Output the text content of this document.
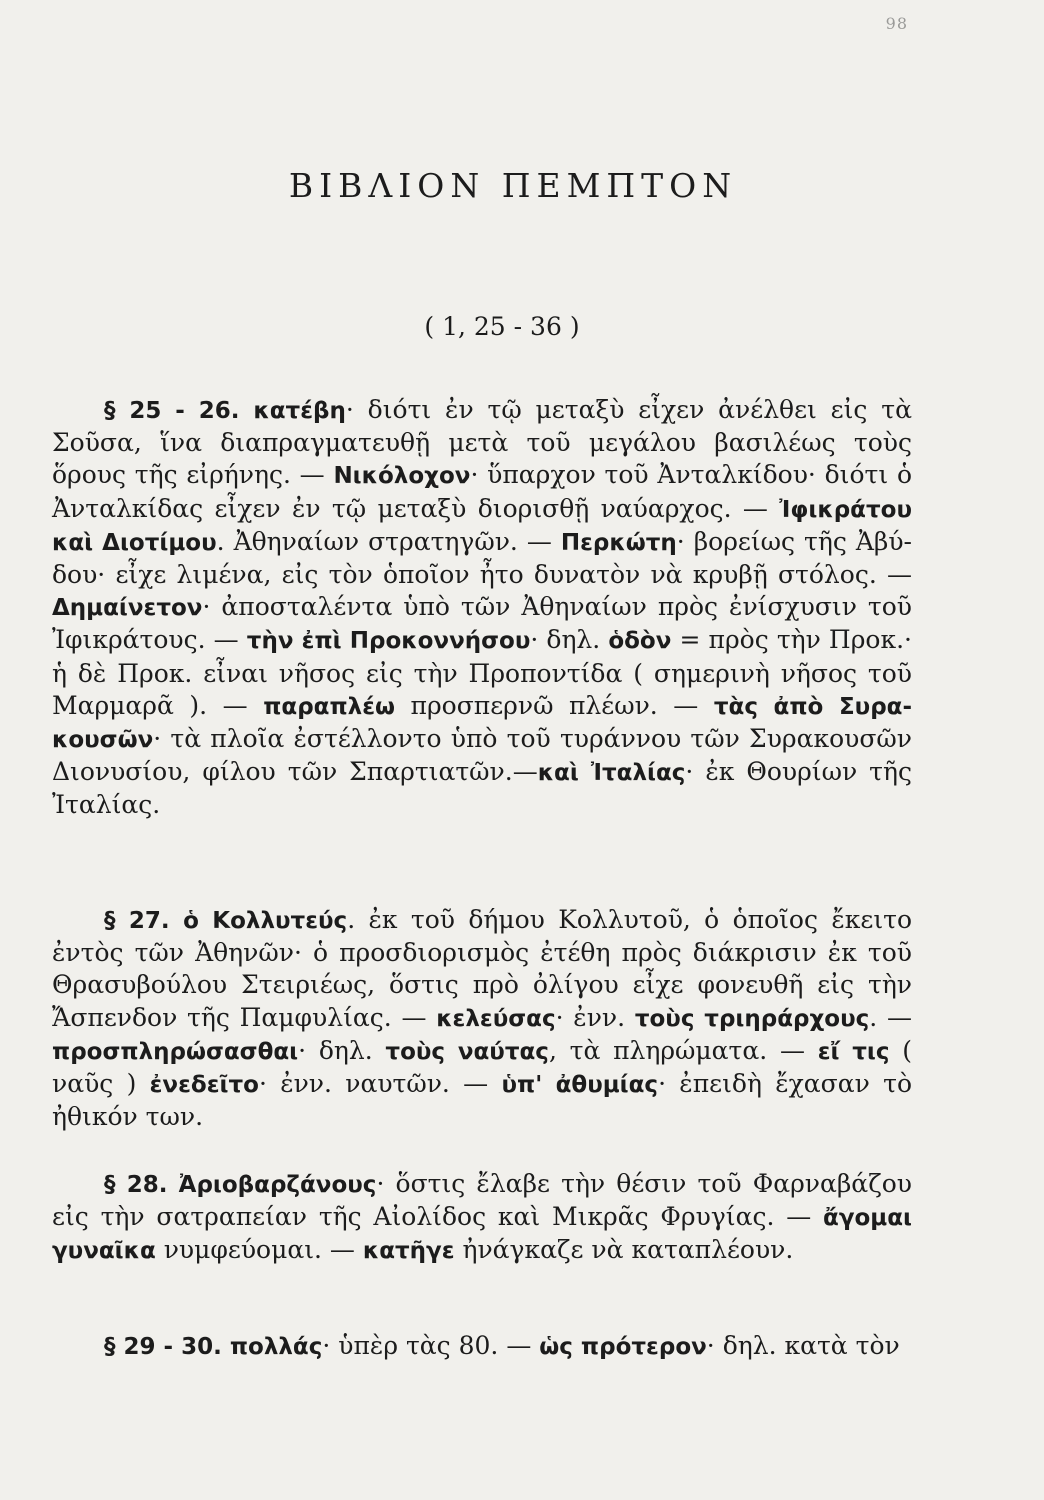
98
ΒΙΒΛΙΟΝ ΠΕΜΠΤΟΝ
( 1, 25 - 36 )

§ 25 - 26. κατέβη· διότι ἐν τῷ μεταξὺ εἶχεν ἀνέλθει εἰς τὰ Σοῦσα, ἵνα διαπραγματευθῇ μετὰ τοῦ μεγάλου βασιλέως τοὺς ὅρους τῆς εἰρήνης. — Νικόλοχον· ὕπαρχον τοῦ Ἀνταλκίδου· διότι ὁ Ἀνταλκίδας εἶχεν ἐν τῷ μεταξὺ διορισθῇ ναύαρχος. — Ἰφικράτου καὶ Διοτίμου. Ἀθηναίων στρατηγῶν. — Περκώτη· βορείως τῆς Ἀβύδου· εἶχε λιμένα, εἰς τὸν ὁποῖον ἦτο δυνατὸν νὰ κρυβῇ στόλος. — Δημαίνετον· ἀποσταλέντα ὑπὸ τῶν Ἀθηναίων πρὸς ἐνίσχυσιν τοῦ Ἰφικράτους. — τὴν ἐπὶ Προκοννήσου· δηλ. ὁδὸν = πρὸς τὴν Προκ.· ἡ δὲ Προκ. εἶναι νῆσος εἰς τὴν Προποντίδα ( σημερινὴ νῆσος τοῦ Μαρμαρᾶ ). — παραπλέω προσπερνῶ πλέων. — τὰς ἀπὸ Συρακουσῶν· τὰ πλοῖα ἐστέλλοντο ὑπὸ τοῦ τυράννου τῶν Συρακουσῶν Διονυσίου, φίλου τῶν Σπαρτιατῶν.—καὶ Ἰταλίας· ἐκ Θουρίων τῆς Ἰταλίας.

§ 27. ὁ Κολλυτεύς. ἐκ τοῦ δήμου Κολλυτοῦ, ὁ ὁποῖος ἔκειτο ἐντὸς τῶν Ἀθηνῶν· ὁ προσδιορισμὸς ἐτέθη πρὸς διάκρισιν ἐκ τοῦ Θρασυβούλου Στειριέως, ὅστις πρὸ ὀλίγου εἶχε φονευθῆ εἰς τὴν Ἄσπενδον τῆς Παμφυλίας. — κελεύσας· ἐνν. τοὺς τριηράρχους. — προσπληρώσασθαι· δηλ. τοὺς ναύτας, τὰ πληρώματα. — εἴ τις ( ναῦς ) ἐνεδεῖτο· ἐνν. ναυτῶν. — ὑπ' ἀθυμίας· ἐπειδὴ ἔχασαν τὸ ἠθικόν των.

§ 28. Ἀριοβαρζάνους· ὅστις ἔλαβε τὴν θέσιν τοῦ Φαρναβάζου εἰς τὴν σατραπείαν τῆς Αἰολίδος καὶ Μικρᾶς Φρυγίας. — ἄγομαι γυναῖκα νυμφεύομαι. — κατῆγε ἠνάγκαζε νὰ καταπλέουν.

§ 29 - 30. πολλάς· ὑπὲρ τὰς 80. — ὡς πρότερον· δηλ. κατὰ τὸν
